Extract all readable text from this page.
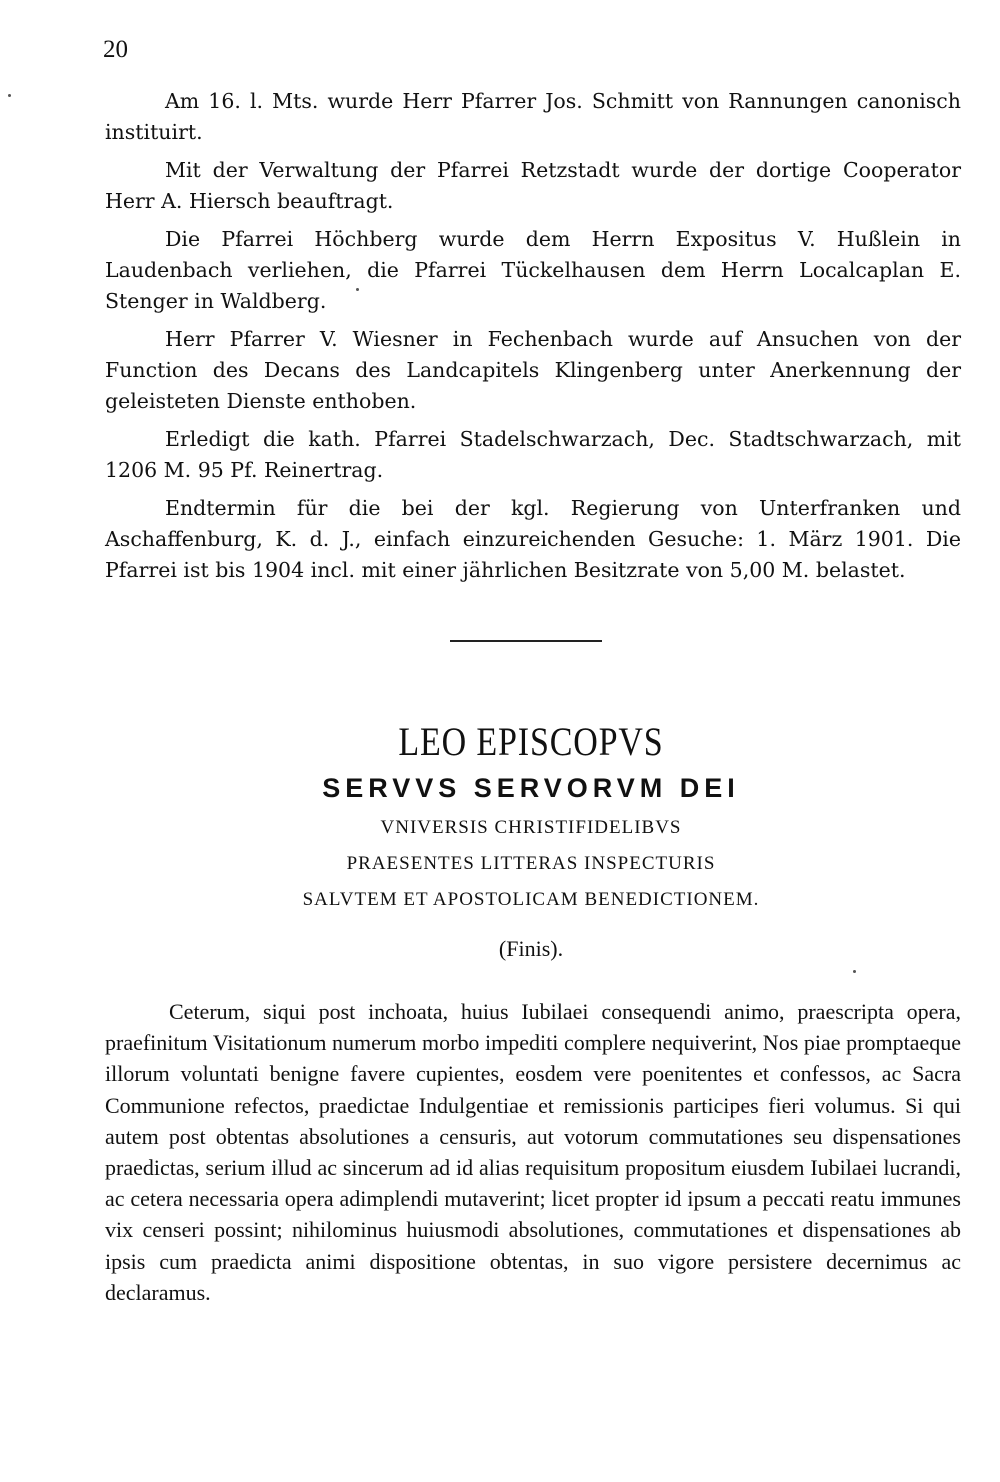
20

Am 16. l. Mts. wurde Herr Pfarrer Jos. Schmitt von Rannungen canonisch instituirt.

Mit der Verwaltung der Pfarrei Retzstadt wurde der dortige Cooperator Herr A. Hiersch beauftragt.

Die Pfarrei Höchberg wurde dem Herrn Expositus V. Hußlein in Laudenbach verliehen, die Pfarrei Tückelhausen dem Herrn Localcaplan E. Stenger in Waldberg.

Herr Pfarrer V. Wiesner in Fechenbach wurde auf Ansuchen von der Function des Decans des Landcapitels Klingenberg unter Anerkennung der geleisteten Dienste enthoben.

Erledigt die kath. Pfarrei Stadelschwarzach, Dec. Stadtschwarzach, mit 1206 M. 95 Pf. Reinertrag.

Endtermin für die bei der kgl. Regierung von Unterfranken und Aschaffenburg, K. d. J., einfach einzureichenden Gesuche: 1. März 1901. Die Pfarrei ist bis 1904 incl. mit einer jährlichen Besitzrate von 5,00 M. belastet.

LEO EPISCOPVS
SERVVS SERVORVM DEI
VNIVERSIS CHRISTIFIDELIBVS
PRAESENTES LITTERAS INSPECTURIS
SALVTEM ET APOSTOLICAM BENEDICTIONEM.
(Finis).

Ceterum, siqui post inchoata, huius Iubilaei consequendi animo, praescripta opera, praefinitum Visitationum numerum morbo impediti complere nequiverint, Nos piae promptaeque illorum voluntati benigne favere cupientes, eosdem vere poenitentes et confessos, ac Sacra Communione refectos, praedictae Indulgentiae et remissionis participes fieri volumus. Si qui autem post obtentas absolutiones a censuris, aut votorum commutationes seu dispensationes praedictas, serium illud ac sincerum ad id alias requisitum propositum eiusdem Iubilaei lucrandi, ac cetera necessaria opera adimplendi mutaverint; licet propter id ipsum a peccati reatu immunes vix censeri possint; nihilominus huiusmodi absolutiones, commutationes et dispensationes ab ipsis cum praedicta animi dispositione obtentas, in suo vigore persistere decernimus ac declaramus.
